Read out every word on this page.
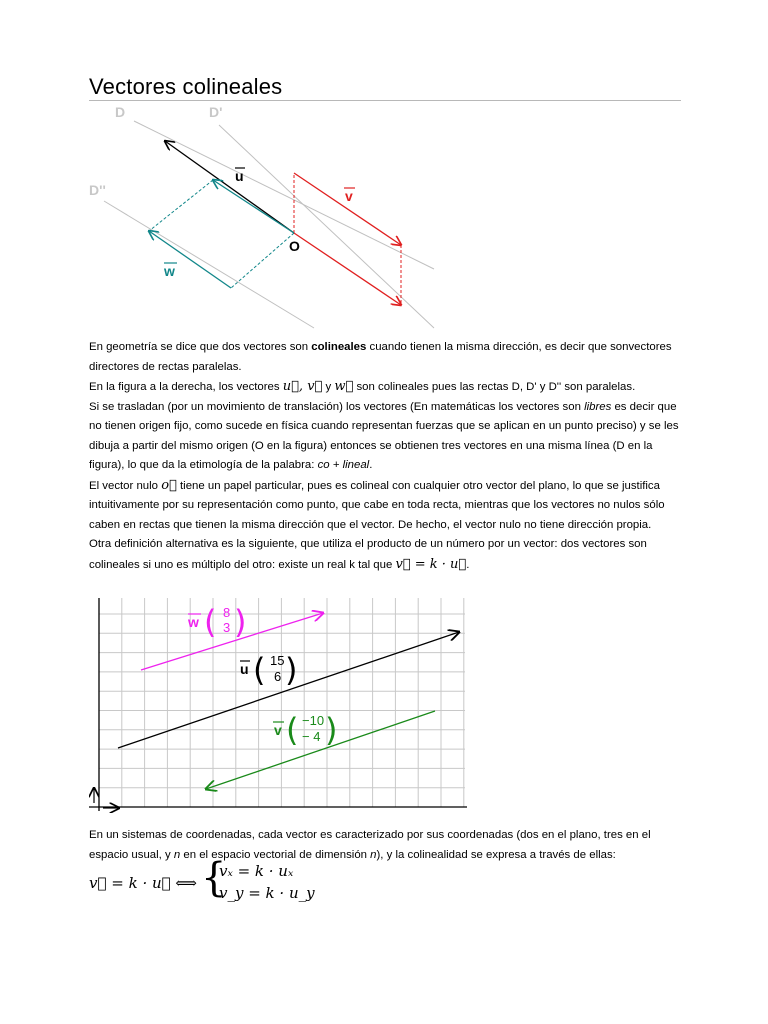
Vectores colineales
D	D'
D''
u
v
w
O

En geometría se dice que dos vectores son colineales cuando tienen la misma dirección, es decir que sonvectores directores de rectas paralelas.

En la figura a la derecha, los vectores u⃗, v⃗ y w⃗ son colineales pues las rectas D, D' y D'' son paralelas.

Si se trasladan (por un movimiento de translación) los vectores (En matemáticas los vectores son libres es decir que no tienen origen fijo, como sucede en física cuando representan fuerzas que se aplican en un punto preciso) y se les dibuja a partir del mismo origen (O en la figura) entonces se obtienen tres vectores en una misma línea (D en la figura), lo que da la etimología de la palabra: co + lineal.

El vector nulo o⃗ tiene un papel particular, pues es colineal con cualquier otro vector del plano, lo que se justifica intuitivamente por su representación como punto, que cabe en toda recta, mientras que los vectores no nulos sólo caben en rectas que tienen la misma dirección que el vector. De hecho, el vector nulo no tiene dirección propia.

Otra definición alternativa es la siguiente, que utiliza el producto de un número por un vector: dos vectores son colineales si uno es múltiplo del otro: existe un real k tal que v⃗ = k · u⃗.

w ( 8
3 )
u ( 15
6 )
v ( −10
− 4 )

En un sistemas de coordenadas, cada vector es caracterizado por sus coordenadas (dos en el plano, tres en el espacio usual, y n en el espacio vectorial de dimensión n), y la colinealidad se expresa a través de ellas:

v⃗ = k · u⃗ ⟺ {
vₓ = k · uₓ
v_y = k · u_y
